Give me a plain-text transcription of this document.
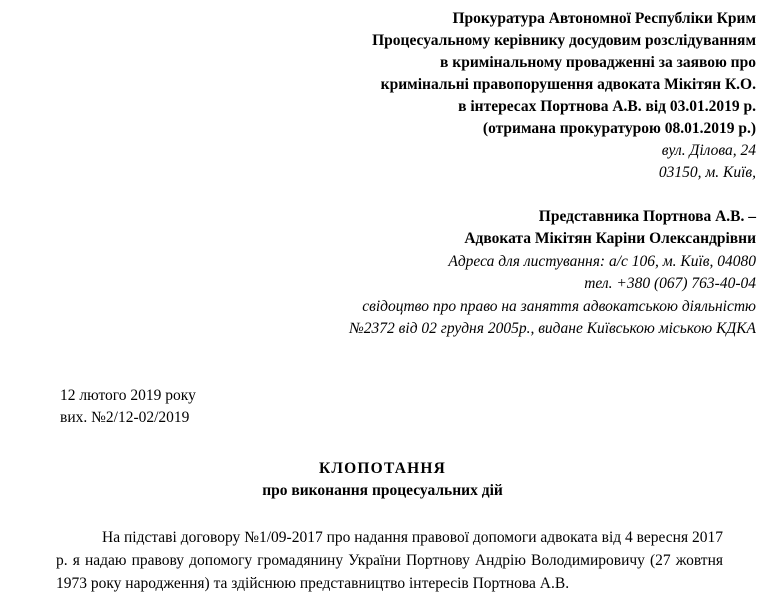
Прокуратура Автономної Республіки Крим
Процесуальному керівнику досудовим розслідуванням
в кримінальному провадженні за заявою про
кримінальні правопорушення адвоката Мікітян К.О.
в інтересах Портнова А.В. від 03.01.2019 р.
(отримана прокуратурою 08.01.2019 р.)
вул. Ділова, 24
03150, м. Київ,
Представника Портнова А.В. –
Адвоката Мікітян Каріни Олександрівни
Адреса для листування: а/с 106, м. Київ, 04080
тел. +380 (067) 763-40-04
свідоцтво про право на заняття адвокатською діяльністю
№2372 від 02 грудня 2005р., видане Київською міською КДКА
12 лютого 2019 року
вих. №2/12-02/2019
КЛОПОТАННЯ
про виконання процесуальних дій
На підставі договору №1/09-2017 про надання правової допомоги адвоката від 4 вересня 2017 р. я надаю правову допомогу громадянину України Портнову Андрію Володимировичу (27 жовтня 1973 року народження) та здійснюю представництво інтересів Портнова А.В.
